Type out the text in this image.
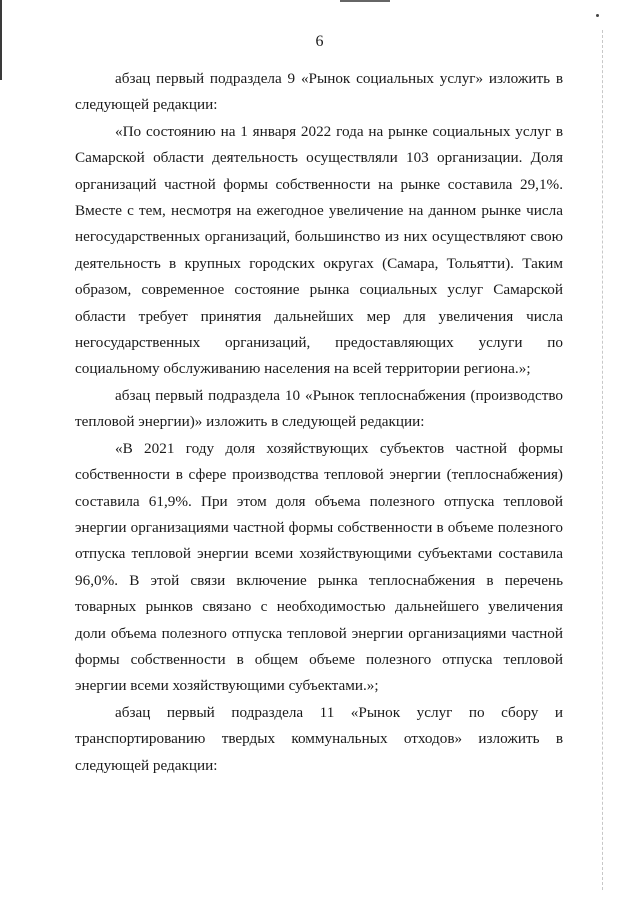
6

абзац первый подраздела 9 «Рынок социальных услуг» изложить в следующей редакции:

«По состоянию на 1 января 2022 года на рынке социальных услуг в Самарской области деятельность осуществляли 103 организации. Доля организаций частной формы собственности на рынке составила 29,1%. Вместе с тем, несмотря на ежегодное увеличение на данном рынке числа негосударственных организаций, большинство из них осуществляют свою деятельность в крупных городских округах (Самара, Тольятти). Таким образом, современное состояние рынка социальных услуг Самарской области требует принятия дальнейших мер для увеличения числа негосударственных организаций, предоставляющих услуги по социальному обслуживанию населения на всей территории региона.»;

абзац первый подраздела 10 «Рынок теплоснабжения (производство тепловой энергии)» изложить в следующей редакции:

«В 2021 году доля хозяйствующих субъектов частной формы собственности в сфере производства тепловой энергии (теплоснабжения) составила 61,9%. При этом доля объема полезного отпуска тепловой энергии организациями частной формы собственности в объеме полезного отпуска тепловой энергии всеми хозяйствующими субъектами составила 96,0%. В этой связи включение рынка теплоснабжения в перечень товарных рынков связано с необходимостью дальнейшего увеличения доли объема полезного отпуска тепловой энергии организациями частной формы собственности в общем объеме полезного отпуска тепловой энергии всеми хозяйствующими субъектами.»;

абзац первый подраздела 11 «Рынок услуг по сбору и транспортированию твердых коммунальных отходов» изложить в следующей редакции:
